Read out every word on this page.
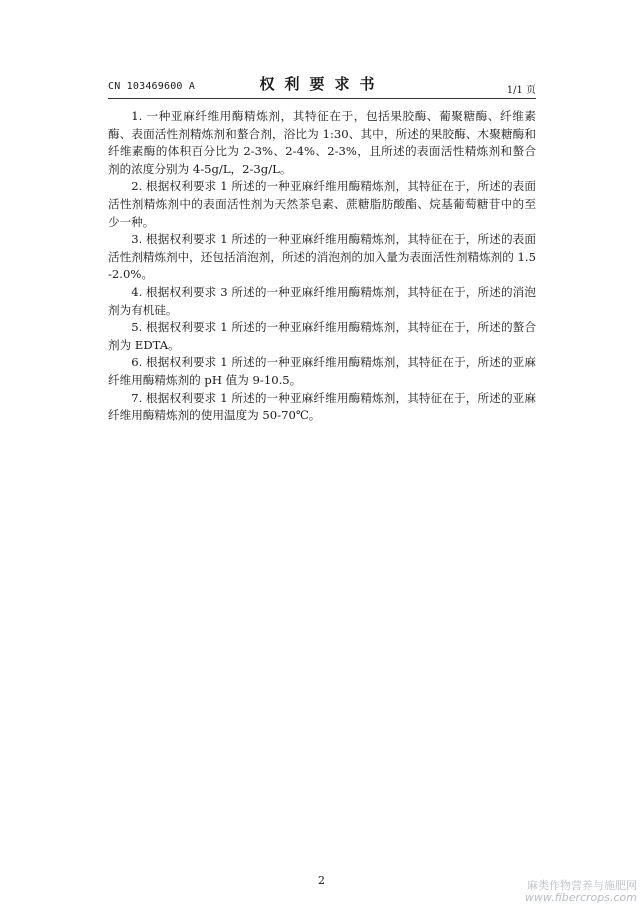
CN 103469600 A	权利要求书	1/1 页

1. 一种亚麻纤维用酶精炼剂，其特征在于，包括果胶酶、葡聚糖酶、纤维素酶、表面活性剂精炼剂和螯合剂，浴比为 1:30、其中，所述的果胶酶、木聚糖酶和纤维素酶的体积百分比为 2-3%、2-4%、2-3%，且所述的表面活性精炼剂和螯合剂的浓度分别为 4-5g/L，2-3g/L。

2. 根据权利要求 1 所述的一种亚麻纤维用酶精炼剂，其特征在于，所述的表面活性剂精炼剂中的表面活性剂为天然茶皂素、蔗糖脂肪酸酯、烷基葡萄糖苷中的至少一种。

3. 根据权利要求 1 所述的一种亚麻纤维用酶精炼剂，其特征在于，所述的表面活性剂精炼剂中，还包括消泡剂，所述的消泡剂的加入量为表面活性剂精炼剂的 1.5-2.0%。

4. 根据权利要求 3 所述的一种亚麻纤维用酶精炼剂，其特征在于，所述的消泡剂为有机硅。

5. 根据权利要求 1 所述的一种亚麻纤维用酶精炼剂，其特征在于，所述的螯合剂为 EDTA。

6. 根据权利要求 1 所述的一种亚麻纤维用酶精炼剂，其特征在于，所述的亚麻纤维用酶精炼剂的 pH 值为 9-10.5。

7. 根据权利要求 1 所述的一种亚麻纤维用酶精炼剂，其特征在于，所述的亚麻纤维用酶精炼剂的使用温度为 50-70℃。

2	麻类作物营养与施肥网
www.fibercrops.com
